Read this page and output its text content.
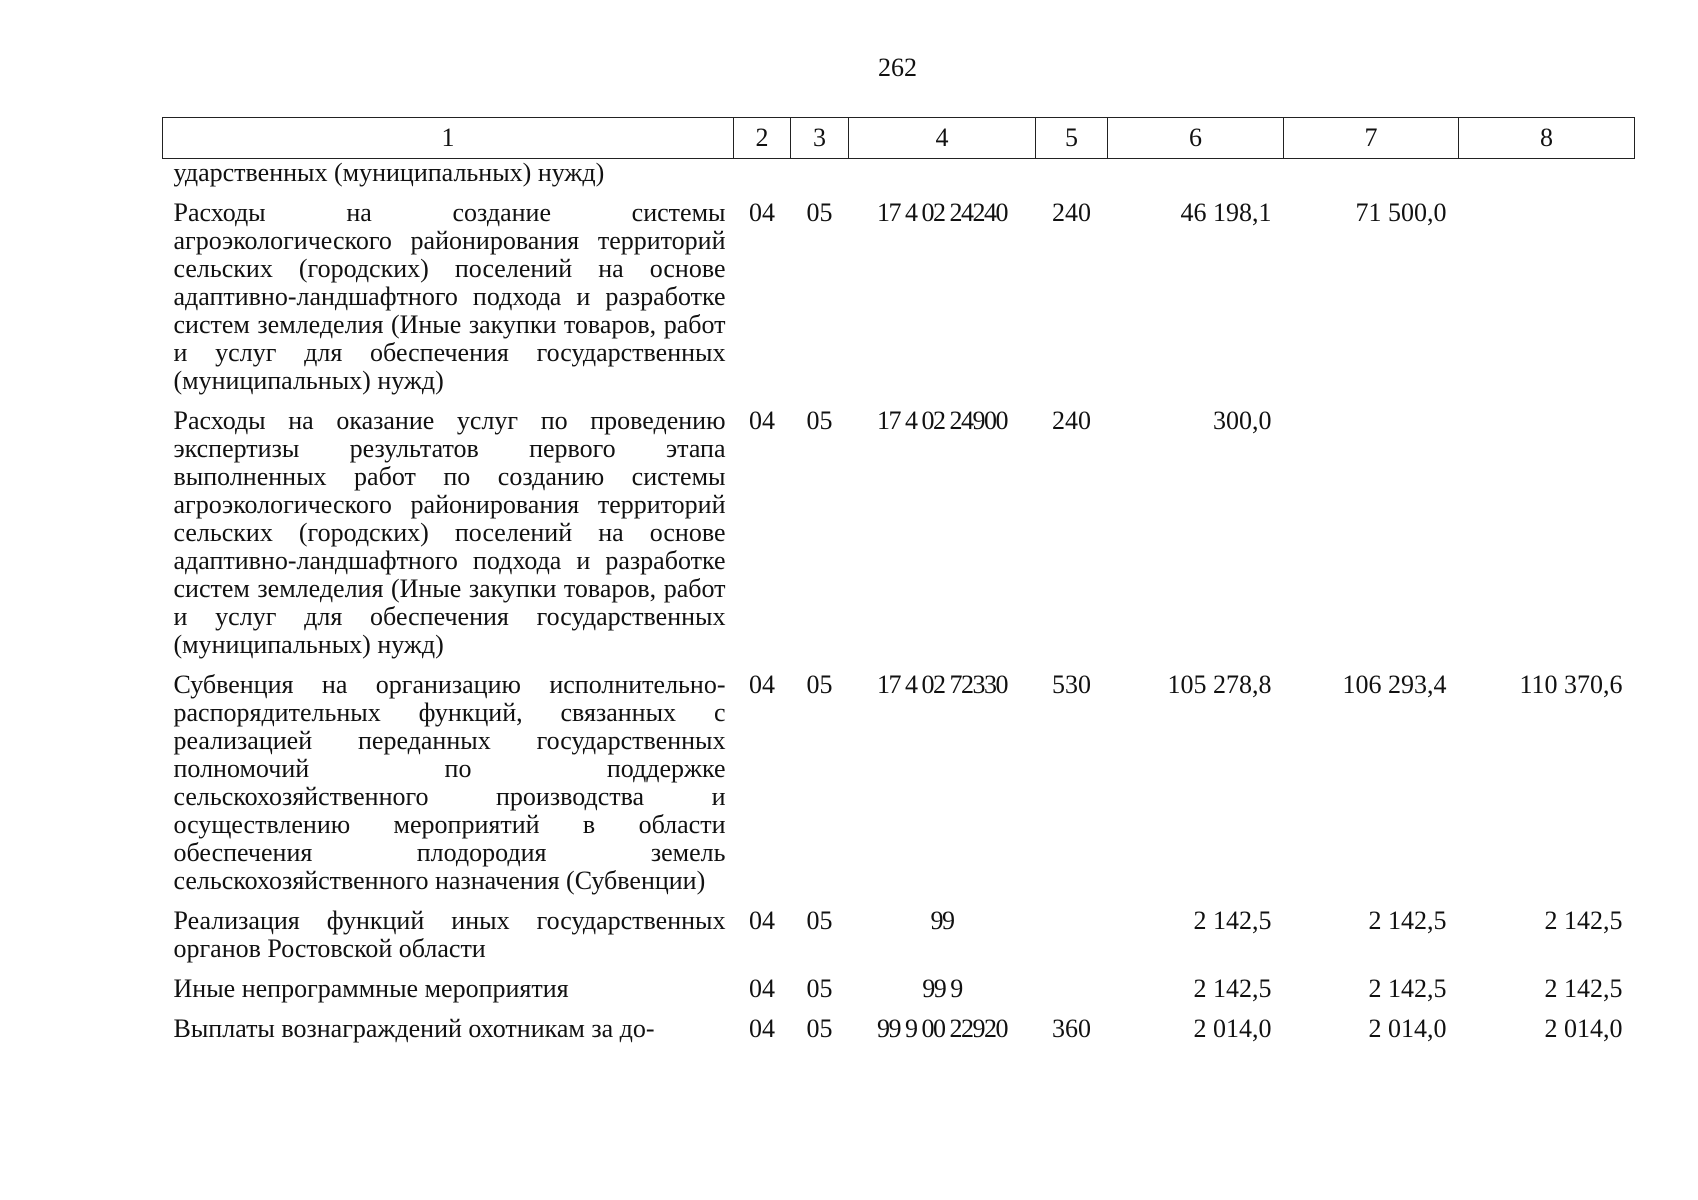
262
1	2	3	4	5	6	7	8
ударственных (муниципальных) нужд)							
Расходы на создание системы агроэкологического районирования территорий сельских (городских) поселений на основе адаптивно-ландшафтного подхода и разработке систем земледелия (Иные закупки товаров, работ и услуг для обеспечения государственных (муниципальных) нужд)	04	05	17 4 02 24240	240	46 198,1	71 500,0	
Расходы на оказание услуг по проведению экспертизы результатов первого этапа выполненных работ по созданию системы агроэкологического районирования территорий сельских (городских) поселений на основе адаптивно-ландшафтного подхода и разработке систем земледелия (Иные закупки товаров, работ и услуг для обеспечения государственных (муниципальных) нужд)	04	05	17 4 02 24900	240	300,0		
Субвенция на организацию исполнительно-распорядительных функций, связанных с реализацией переданных государственных полномочий по поддержке сельскохозяйственного производства и осуществлению мероприятий в области обеспечения плодородия земель сельскохозяйственного назначения (Субвенции)	04	05	17 4 02 72330	530	105 278,8	106 293,4	110 370,6
Реализация функций иных государственных органов Ростовской области	04	05	99		2 142,5	2 142,5	2 142,5
Иные непрограммные мероприятия	04	05	99 9		2 142,5	2 142,5	2 142,5
Выплаты вознаграждений охотникам за до-	04	05	99 9 00 22920	360	2 014,0	2 014,0	2 014,0
